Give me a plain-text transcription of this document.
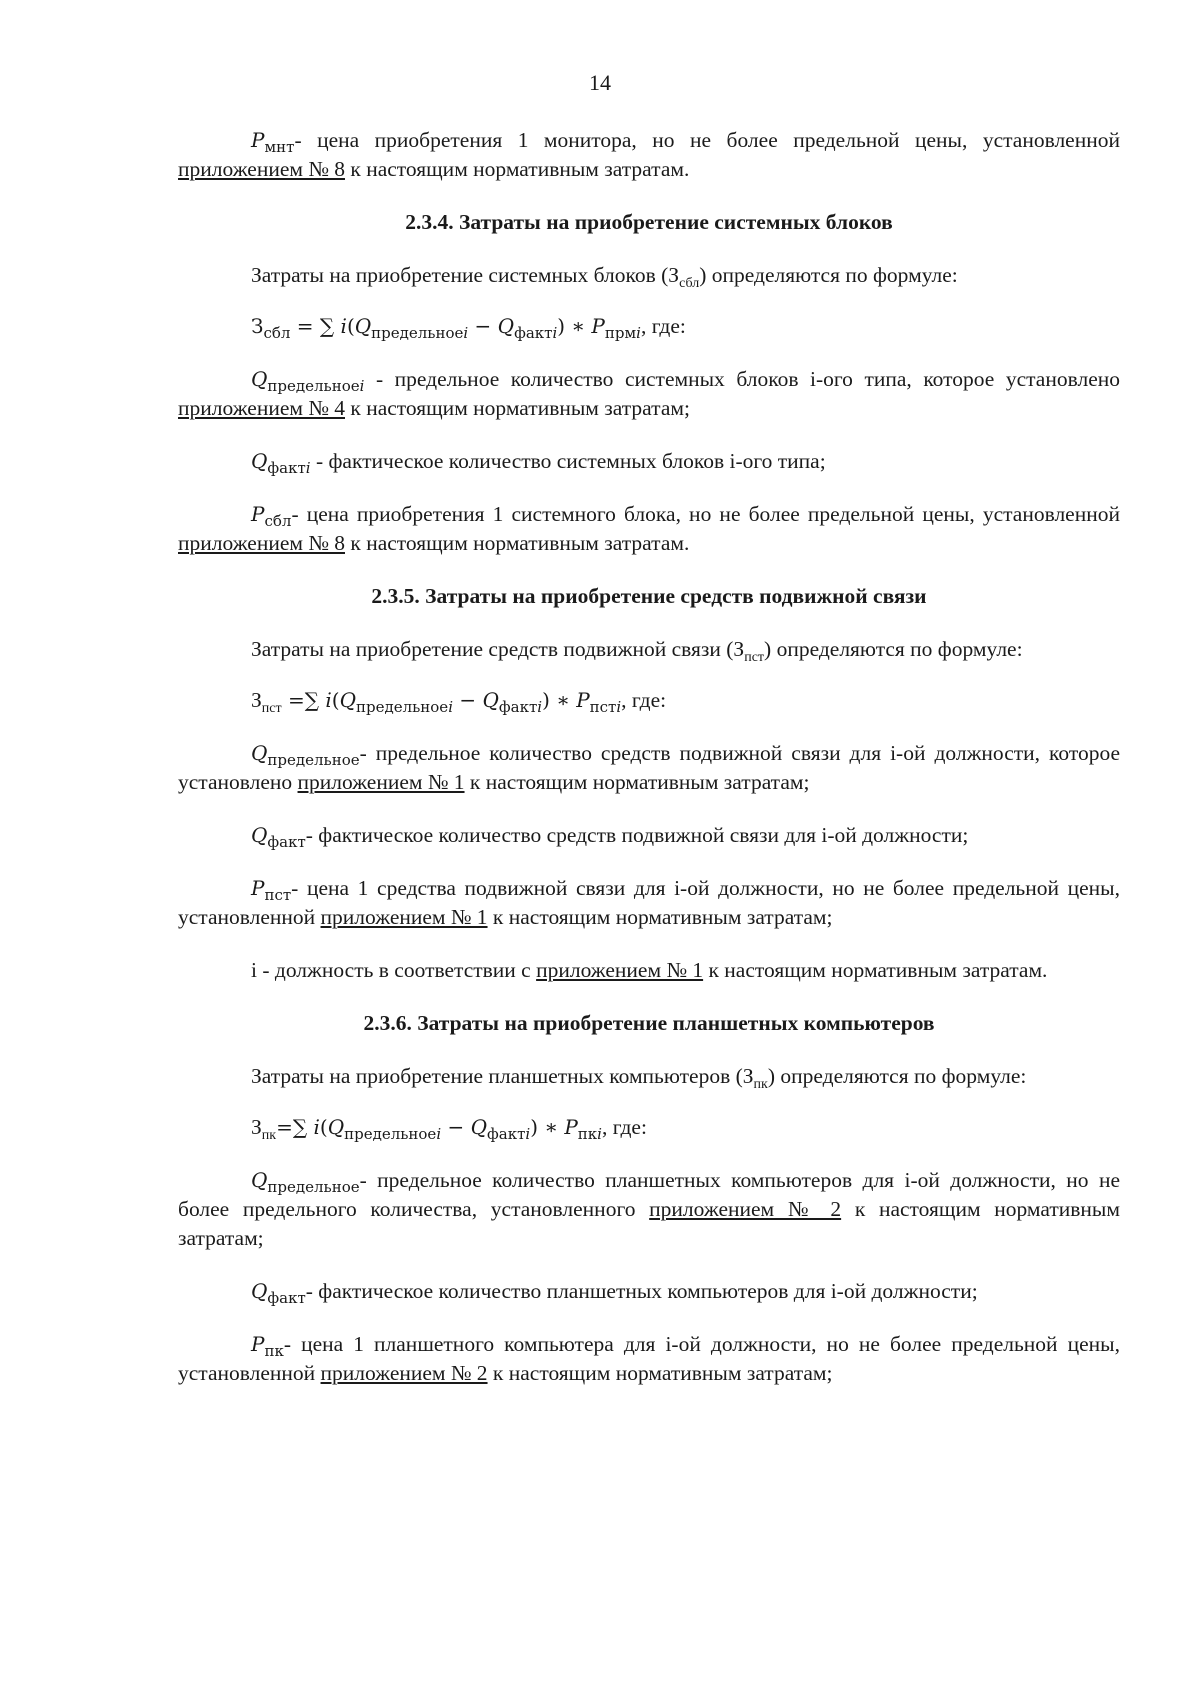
14

$P_{мнт}-$ цена приобретения 1 монитора, но не более предельной цены, установленной приложением № 8 к настоящим нормативным затратам.

2.3.4. Затраты на приобретение системных блоков

Затраты на приобретение системных блоков $(З_{сбл})$ определяются по формуле:

$З_{сбл}$ = ∑ $i(Q_{предельноеi} - Q_{фактi})$ ∗ $P_{прмi}$, где:

$Q_{предельноеi}$ - предельное количество системных блоков i-ого типа, которое установлено приложением № 4 к настоящим нормативным затратам;

$Q_{фактi}$ - фактическое количество системных блоков i-ого типа;

$P_{сбл}-$ цена приобретения 1 системного блока, но не более предельной цены, установленной приложением № 8 к настоящим нормативным затратам.

2.3.5. Затраты на приобретение средств подвижной связи

Затраты на приобретение средств подвижной связи $(З_{пст})$ определяются по формуле:

$З_{пст}$ =∑ $i(Q_{предельноеi} - Q_{фактi})$ ∗ $P_{пстi}$, где:

$Q_{предельное}-$ предельное количество средств подвижной связи для i-ой должности, которое установлено приложением № 1 к настоящим нормативным затратам;

$Q_{факт}-$ фактическое количество средств подвижной связи для i-ой должности;

$P_{пст}-$ цена 1 средства подвижной связи для i-ой должности, но не более предельной цены, установленной приложением № 1 к настоящим нормативным затратам;

i - должность в соответствии с приложением № 1 к настоящим нормативным затратам.

2.3.6. Затраты на приобретение планшетных компьютеров

Затраты на приобретение планшетных компьютеров $(З_{пк})$ определяются по формуле:

$З_{пк}=\sum$ $i(Q_{предельноеi} - Q_{фактi})$ ∗ $P_{пкi}$, где:

$Q_{предельное}-$ предельное количество планшетных компьютеров для i-ой должности, но не более предельного количества, установленного приложением № 2 к настоящим нормативным затратам;

$Q_{факт}-$ фактическое количество планшетных компьютеров для i-ой должности;

$P_{пк}-$ цена 1 планшетного компьютера для i-ой должности, но не более предельной цены, установленной приложением № 2 к настоящим нормативным затратам;
